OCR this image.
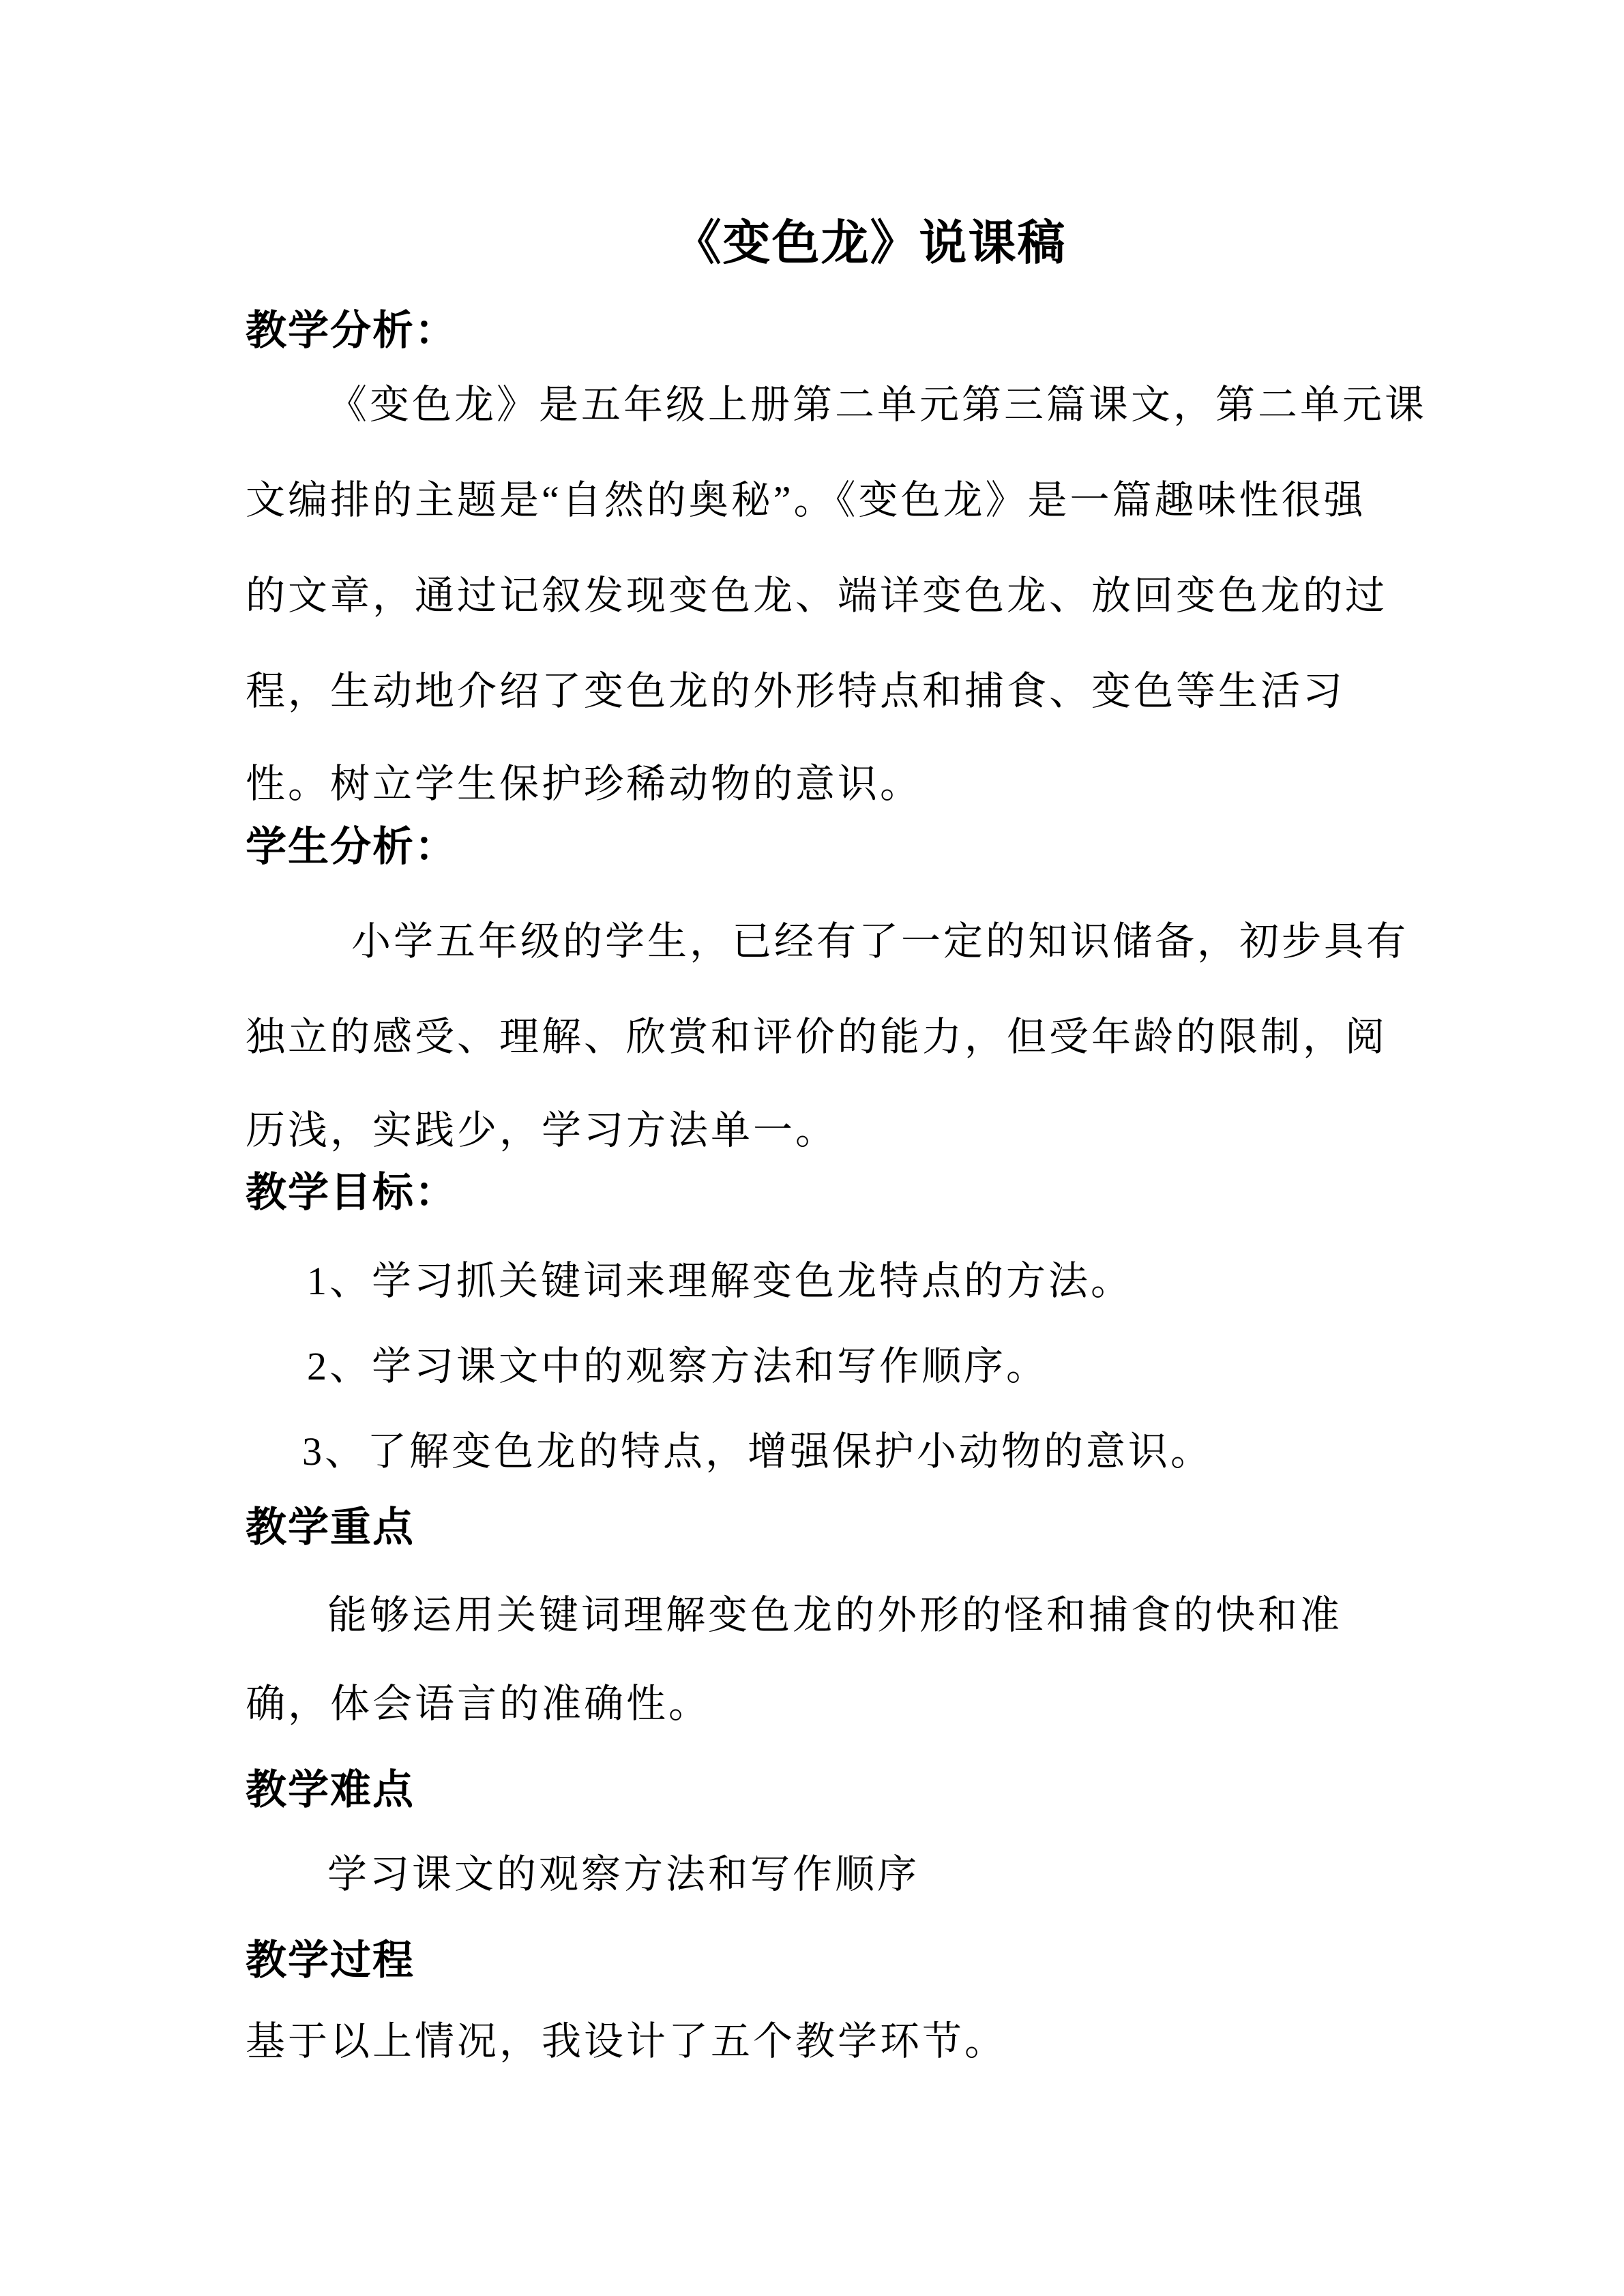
《变色龙》说课稿
教学分析：
《变色龙》是五年级上册第二单元第三篇课文，第二单元课
文编排的主题是“自然的奥秘”。《变色龙》是一篇趣味性很强
的文章，通过记叙发现变色龙、端详变色龙、放回变色龙的过
程，生动地介绍了变色龙的外形特点和捕食、变色等生活习
性。树立学生保护珍稀动物的意识。
学生分析：
小学五年级的学生，已经有了一定的知识储备，初步具有
独立的感受、理解、欣赏和评价的能力，但受年龄的限制，阅
历浅，实践少，学习方法单一。
教学目标：
1、学习抓关键词来理解变色龙特点的方法。
2、学习课文中的观察方法和写作顺序。
3、了解变色龙的特点，增强保护小动物的意识。
教学重点
能够运用关键词理解变色龙的外形的怪和捕食的快和准
确，体会语言的准确性。
教学难点
学习课文的观察方法和写作顺序
教学过程
基于以上情况，我设计了五个教学环节。
